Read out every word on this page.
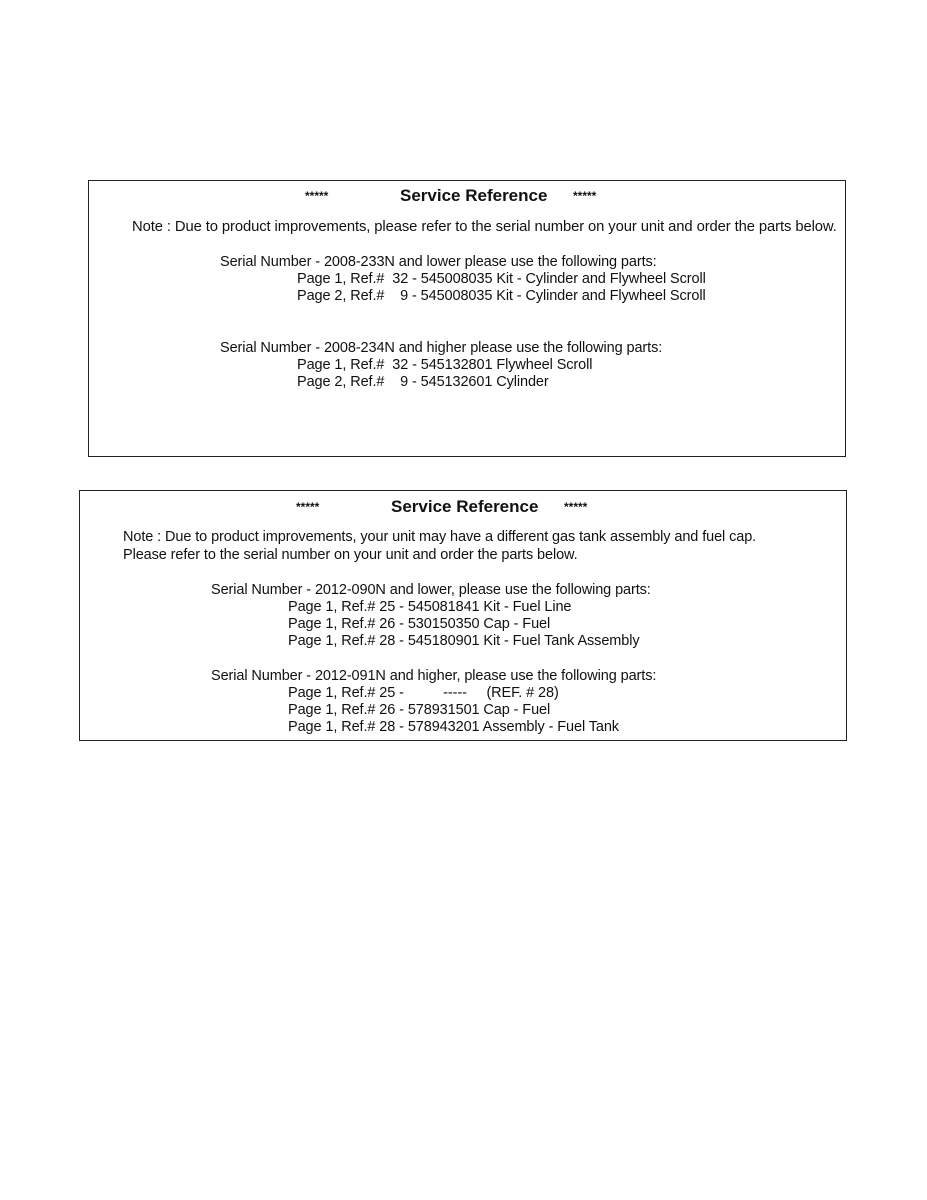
*****	Service Reference *****
Note : Due to product improvements, please refer to the serial number on your unit and order the parts below.
Serial Number - 2008-233N and lower please use the following parts:
Page 1, Ref.#  32 - 545008035 Kit - Cylinder and Flywheel Scroll
Page 2, Ref.#    9 - 545008035 Kit - Cylinder and Flywheel Scroll
Serial Number - 2008-234N and higher please use the following parts:
Page 1, Ref.#  32 - 545132801 Flywheel Scroll
Page 2, Ref.#    9 - 545132601 Cylinder
*****	Service Reference *****
Note : Due to product improvements, your unit may have a different gas tank assembly and fuel cap.
Please refer to the serial number on your unit and order the parts below.
Serial Number - 2012-090N and lower, please use the following parts:
Page 1, Ref.# 25 - 545081841 Kit - Fuel Line
Page 1, Ref.# 26 - 530150350 Cap - Fuel
Page 1, Ref.# 28 - 545180901 Kit - Fuel Tank Assembly
Serial Number - 2012-091N and higher, please use the following parts:
Page 1, Ref.# 25 -          -----     (REF. # 28)
Page 1, Ref.# 26 - 578931501 Cap - Fuel
Page 1, Ref.# 28 - 578943201 Assembly - Fuel Tank
